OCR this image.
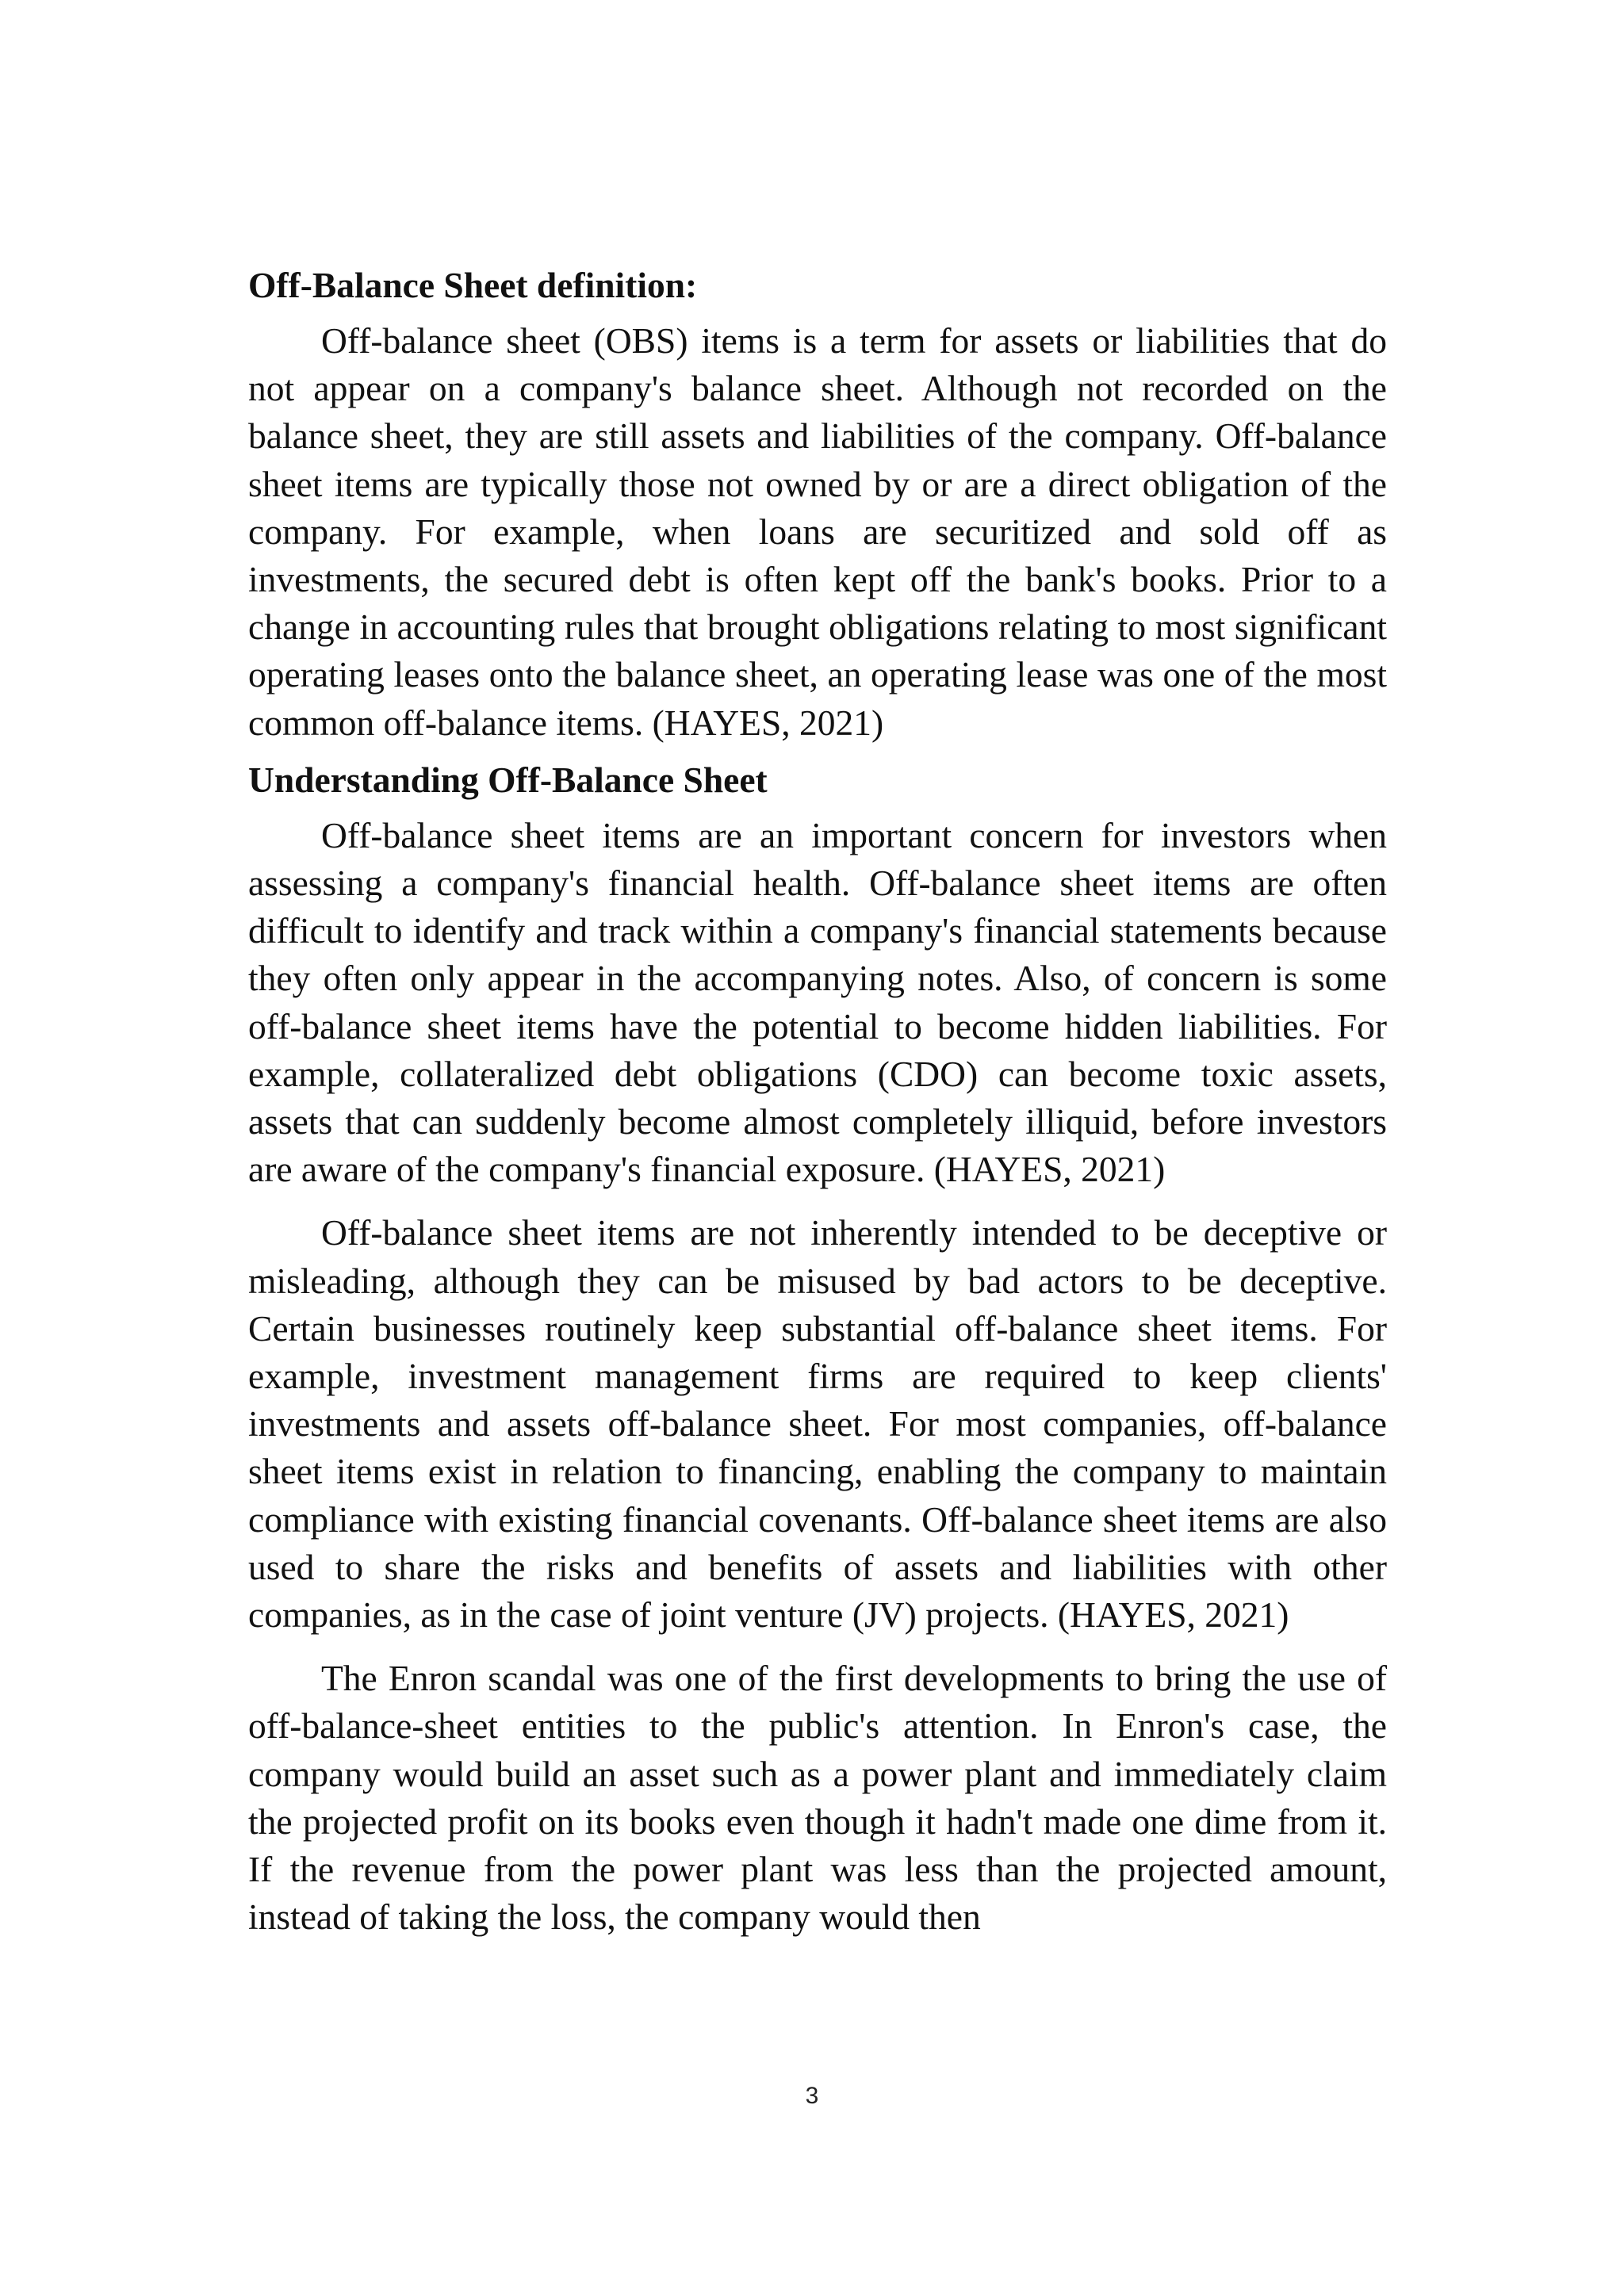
Off-Balance Sheet definition:

Off-balance sheet (OBS) items is a term for assets or liabilities that do not appear on a company's balance sheet. Although not recorded on the balance sheet, they are still assets and liabilities of the company. Off-balance sheet items are typically those not owned by or are a direct obligation of the company. For example, when loans are securitized and sold off as investments, the secured debt is often kept off the bank's books. Prior to a change in accounting rules that brought obligations relating to most significant operating leases onto the balance sheet, an operating lease was one of the most common off-balance items. (HAYES, 2021)

Understanding Off-Balance Sheet

Off-balance sheet items are an important concern for investors when assessing a company's financial health. Off-balance sheet items are often difficult to identify and track within a company's financial statements because they often only appear in the accompanying notes. Also, of concern is some off-balance sheet items have the potential to become hidden liabilities. For example, collateralized debt obligations (CDO) can become toxic assets, assets that can suddenly become almost completely illiquid, before investors are aware of the company's financial exposure. (HAYES, 2021)

Off-balance sheet items are not inherently intended to be deceptive or misleading, although they can be misused by bad actors to be deceptive. Certain businesses routinely keep substantial off-balance sheet items. For example, investment management firms are required to keep clients' investments and assets off-balance sheet. For most companies, off-balance sheet items exist in relation to financing, enabling the company to maintain compliance with existing financial covenants. Off-balance sheet items are also used to share the risks and benefits of assets and liabilities with other companies, as in the case of joint venture (JV) projects. (HAYES, 2021)

The Enron scandal was one of the first developments to bring the use of off-balance-sheet entities to the public's attention. In Enron's case, the company would build an asset such as a power plant and immediately claim the projected profit on its books even though it hadn't made one dime from it. If the revenue from the power plant was less than the projected amount, instead of taking the loss, the company would then

3
